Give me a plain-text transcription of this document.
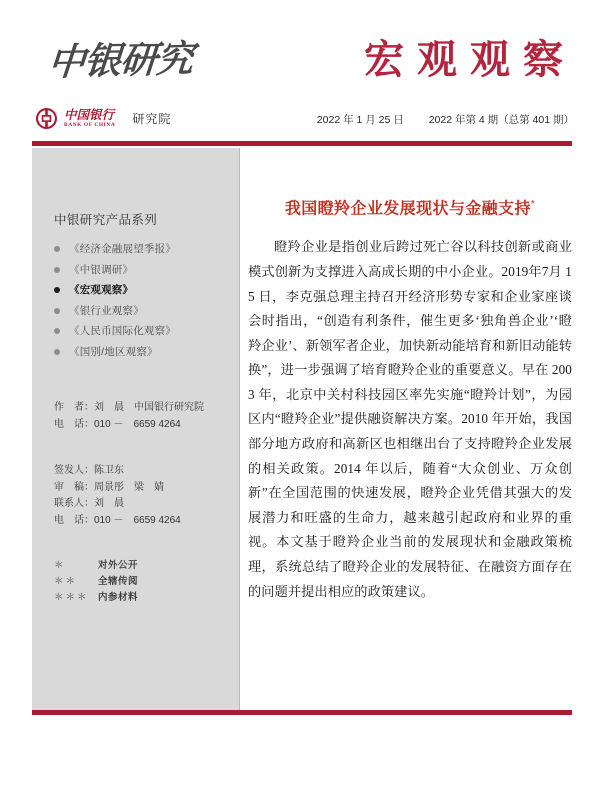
中银研究	宏观观察
中国银行
BANK OF CHINA 研究院	2022 年 1 月 25 日 2022 年第 4 期（总第 401 期）
中银研究产品系列
《经济金融展望季报》
《中银调研》
《宏观观察》
《银行业观察》
《人民币国际化观察》
《国别/地区观察》
作　者：刘　晨　中国银行研究院
电　话：010 －　6659 4264
签发人：陈卫东
审　稿：周景彤　梁　婧
联系人：刘　晨
电　话：010 －　6659 4264
＊	对外公开
＊＊	全辖传阅
＊＊＊ 内参材料
我国瞪羚企业发展现状与金融支持*
瞪羚企业是指创业后跨过死亡谷以科技创新或商业模式创新为支撑进入高成长期的中小企业。2019年7月 15 日，李克强总理主持召开经济形势专家和企业家座谈会时指出，“创造有利条件，催生更多‘独角兽企业’‘瞪羚企业’、新领军者企业，加快新动能培育和新旧动能转换”，进一步强调了培育瞪羚企业的重要意义。早在 2003 年，北京中关村科技园区率先实施“瞪羚计划”，为园区内“瞪羚企业”提供融资解决方案。2010 年开始，我国部分地方政府和高新区也相继出台了支持瞪羚企业发展的相关政策。2014 年以后，随着“大众创业、万众创新”在全国范围的快速发展，瞪羚企业凭借其强大的发展潜力和旺盛的生命力，越来越引起政府和业界的重视。本文基于瞪羚企业当前的发展现状和金融政策梳理，系统总结了瞪羚企业的发展特征、在融资方面存在的问题并提出相应的政策建议。
